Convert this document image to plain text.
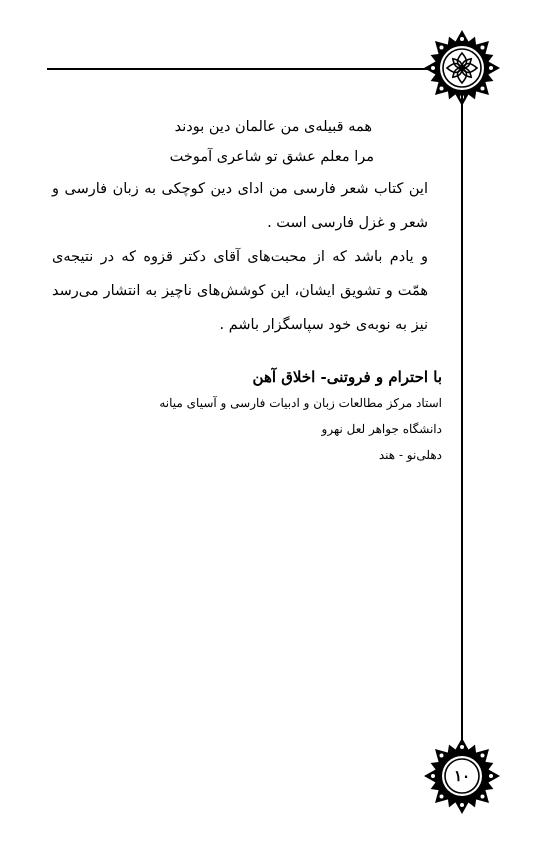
همه قبیله‌ی من عالمان دین بودند
مرا معلم عشق تو شاعری آموخت

این کتاب شعر فارسی من ادای دین کوچکی به زبان فارسی و شعر و غزل فارسی است .

و یادم باشد که از محبت‌های آقای دکتر قزوه که در نتیجه‌ی همّت و تشویق ایشان، این کوشش‌های ناچیز به انتشار می‌رسد نیز به نوبه‌ی خود سپاسگزار باشم .

با احترام و فروتنی- اخلاق آهن
استاد مرکز مطالعات زبان و ادبیات فارسی و آسیای میانه
دانشگاه جواهر لعل نهرو
دهلی‌نو - هند
۱۰
